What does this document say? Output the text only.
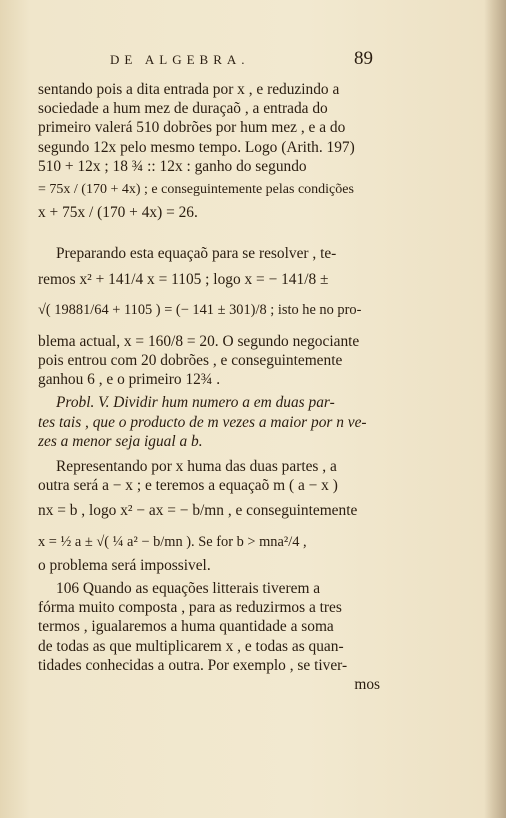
DE ALGEBRA.	89
sentando pois a dita entrada por x , e reduzindo a
sociedade a hum mez de duraçaõ , a entrada do
primeiro valerá 510 dobrões por hum mez , e a do
segundo 12x pelo mesmo tempo. Logo (Arith. 197)
510 + 12x ; 18 ¾ :: 12x : ganho do segundo
= 75x / (170 + 4x) ; e conseguintemente pelas condições
x + 75x / (170 + 4x) = 26.
Preparando esta equaçaõ para se resolver , te-
remos x² + 141/4 x = 1105 ; logo x = − 141/8 ±
√( 19881/64 + 1105 ) = (− 141 ± 301)/8 ; isto he no pro-
blema actual, x = 160/8 = 20. O segundo negociante
pois entrou com 20 dobrões , e conseguintemente
ganhou 6 , e o primeiro 12¾ .
Probl. V. Dividir hum numero a em duas par-
tes tais , que o producto de m vezes a maior por n ve-
zes a menor seja igual a b.
Representando por x huma das duas partes , a
outra será a − x ; e teremos a equaçaõ m ( a − x )
nx = b , logo x² − ax = − b/mn , e conseguintemente
x = ½ a ± √( ¼ a² − b/mn ). Se for b > mna²/4 ,
o problema será impossivel.
106 Quando as equações litterais tiverem a
fórma muito composta , para as reduzirmos a tres
termos , igualaremos a huma quantidade a soma
de todas as que multiplicarem x , e todas as quan-
tidades conhecidas a outra. Por exemplo , se tiver-
mos
